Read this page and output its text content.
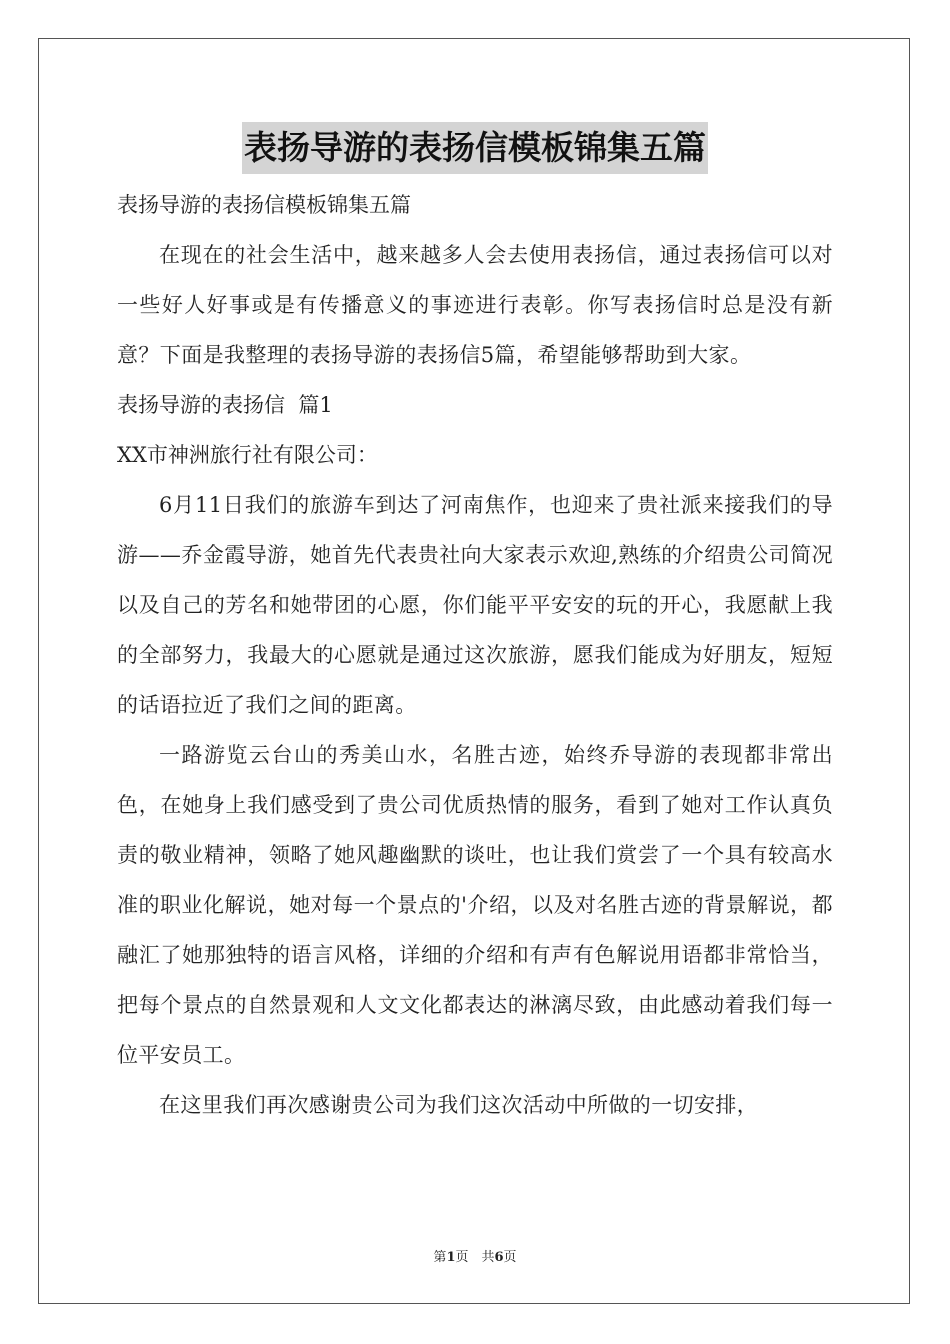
表扬导游的表扬信模板锦集五篇

表扬导游的表扬信模板锦集五篇

在现在的社会生活中，越来越多人会去使用表扬信，通过表扬信可以对一些好人好事或是有传播意义的事迹进行表彰。你写表扬信时总是没有新意？下面是我整理的表扬导游的表扬信5篇，希望能够帮助到大家。

表扬导游的表扬信  篇1

XX市神洲旅行社有限公司：

6月11日我们的旅游车到达了河南焦作，也迎来了贵社派来接我们的导游——乔金霞导游，她首先代表贵社向大家表示欢迎,熟练的介绍贵公司简况以及自己的芳名和她带团的心愿，你们能平平安安的玩的开心，我愿献上我的全部努力，我最大的心愿就是通过这次旅游，愿我们能成为好朋友，短短的话语拉近了我们之间的距离。

一路游览云台山的秀美山水，名胜古迹，始终乔导游的表现都非常出色，在她身上我们感受到了贵公司优质热情的服务，看到了她对工作认真负责的敬业精神，领略了她风趣幽默的谈吐，也让我们赏尝了一个具有较高水准的职业化解说，她对每一个景点的'介绍，以及对名胜古迹的背景解说，都融汇了她那独特的语言风格，详细的介绍和有声有色解说用语都非常恰当，把每个景点的自然景观和人文文化都表达的淋漓尽致，由此感动着我们每一位平安员工。

在这里我们再次感谢贵公司为我们这次活动中所做的一切安排，

第1页　共6页
